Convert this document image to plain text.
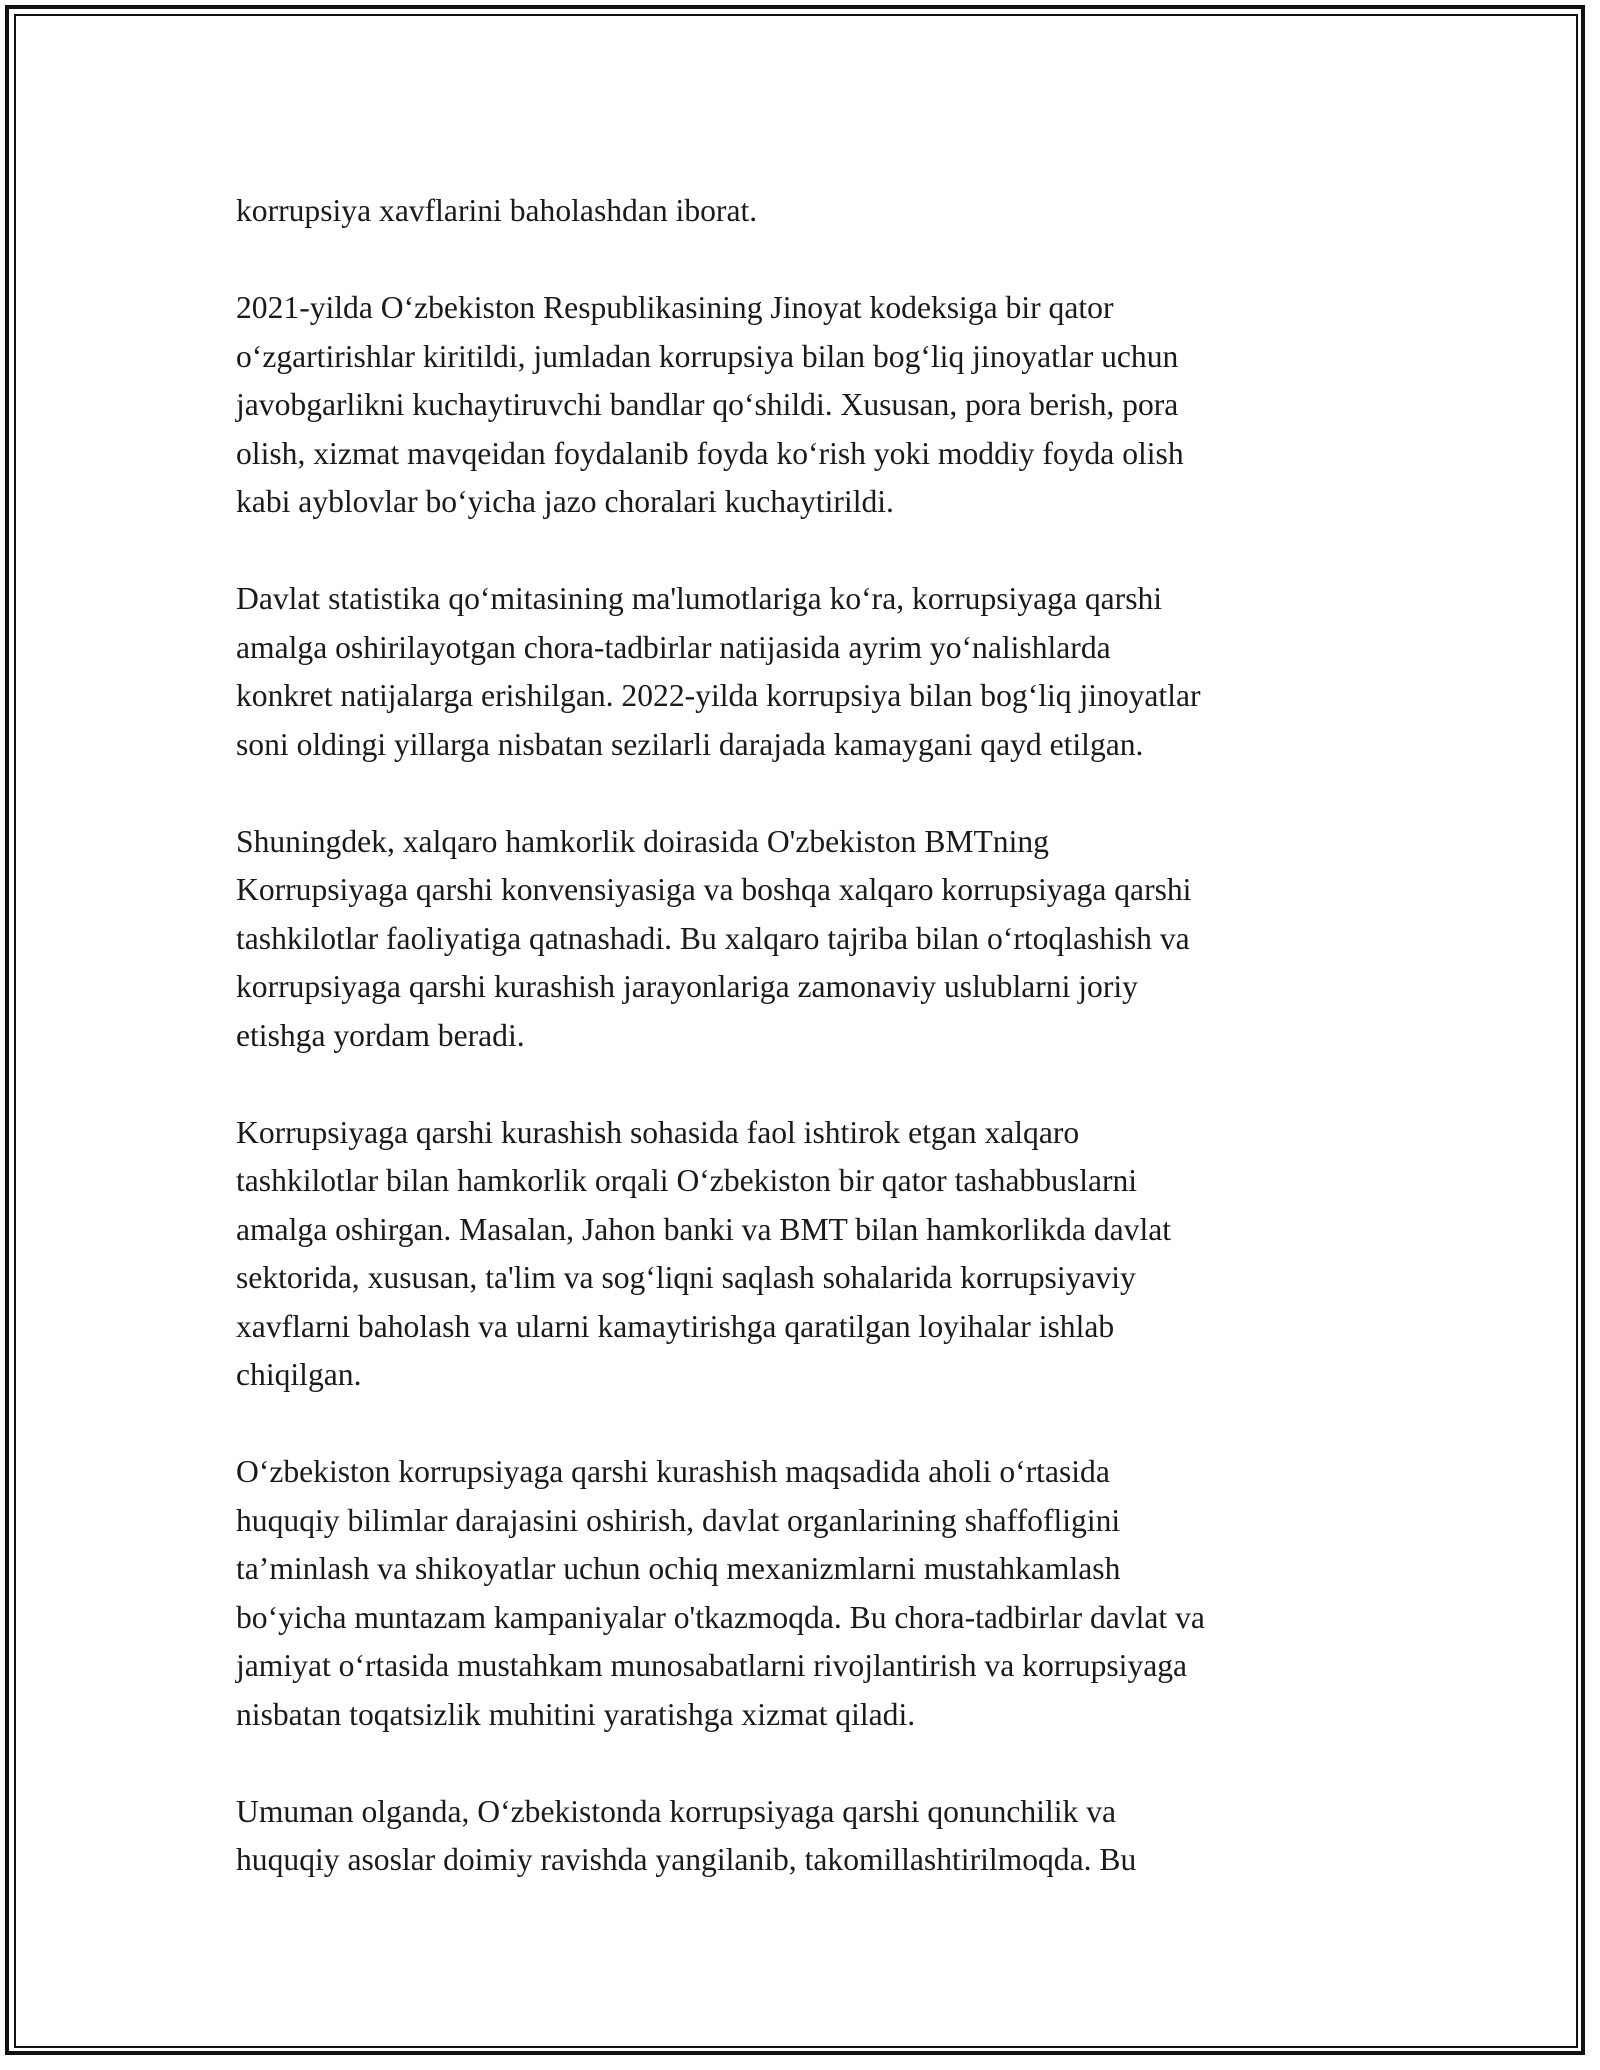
korrupsiya xavflarini baholashdan iborat.

2021-yilda O‘zbekiston Respublikasining Jinoyat kodeksiga bir qator
o‘zgartirishlar kiritildi, jumladan korrupsiya bilan bog‘liq jinoyatlar uchun
javobgarlikni kuchaytiruvchi bandlar qo‘shildi. Xususan, pora berish, pora
olish, xizmat mavqeidan foydalanib foyda ko‘rish yoki moddiy foyda olish
kabi ayblovlar bo‘yicha jazo choralari kuchaytirildi.

Davlat statistika qo‘mitasining ma'lumotlariga ko‘ra, korrupsiyaga qarshi
amalga oshirilayotgan chora-tadbirlar natijasida ayrim yo‘nalishlarda
konkret natijalarga erishilgan. 2022-yilda korrupsiya bilan bog‘liq jinoyatlar
soni oldingi yillarga nisbatan sezilarli darajada kamaygani qayd etilgan.

Shuningdek, xalqaro hamkorlik doirasida O'zbekiston BMTning
Korrupsiyaga qarshi konvensiyasiga va boshqa xalqaro korrupsiyaga qarshi
tashkilotlar faoliyatiga qatnashadi. Bu xalqaro tajriba bilan o‘rtoqlashish va
korrupsiyaga qarshi kurashish jarayonlariga zamonaviy uslublarni joriy
etishga yordam beradi.

Korrupsiyaga qarshi kurashish sohasida faol ishtirok etgan xalqaro
tashkilotlar bilan hamkorlik orqali O‘zbekiston bir qator tashabbuslarni
amalga oshirgan. Masalan, Jahon banki va BMT bilan hamkorlikda davlat
sektorida, xususan, ta'lim va sog‘liqni saqlash sohalarida korrupsiyaviy
xavflarni baholash va ularni kamaytirishga qaratilgan loyihalar ishlab
chiqilgan.

O‘zbekiston korrupsiyaga qarshi kurashish maqsadida aholi o‘rtasida
huquqiy bilimlar darajasini oshirish, davlat organlarining shaffofligini
ta’minlash va shikoyatlar uchun ochiq mexanizmlarni mustahkamlash
bo‘yicha muntazam kampaniyalar o'tkazmoqda. Bu chora-tadbirlar davlat va
jamiyat o‘rtasida mustahkam munosabatlarni rivojlantirish va korrupsiyaga
nisbatan toqatsizlik muhitini yaratishga xizmat qiladi.

Umuman olganda, O‘zbekistonda korrupsiyaga qarshi qonunchilik va
huquqiy asoslar doimiy ravishda yangilanib, takomillashtirilmoqda. Bu
